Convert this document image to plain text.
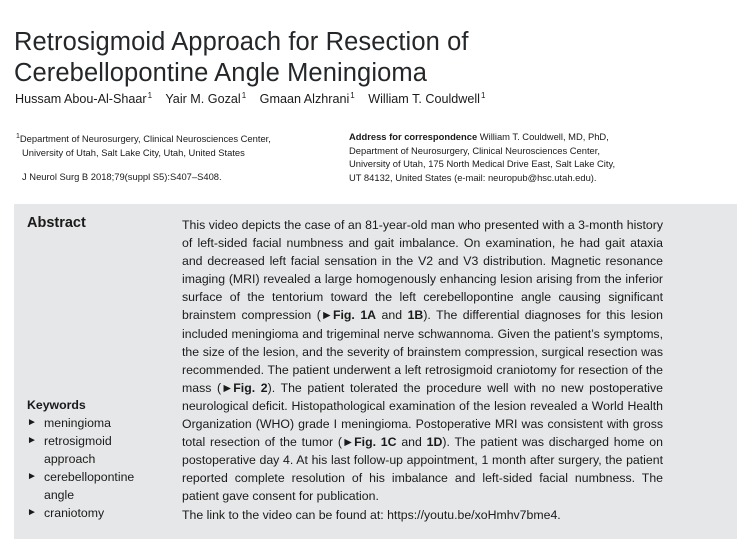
Retrosigmoid Approach for Resection of
Cerebellopontine Angle Meningioma
Hussam Abou-Al-Shaar$^1$ Yair M. Gozal$^1$ Gmaan Alzhrani$^1$ William T. Couldwell$^1$
$^1$Department of Neurosurgery, Clinical Neurosciences Center,
University of Utah, Salt Lake City, Utah, United States
J Neurol Surg B 2018;79(suppl S5):S407–S408.
Address for correspondence William T. Couldwell, MD, PhD,
Department of Neurosurgery, Clinical Neurosciences Center,
University of Utah, 175 North Medical Drive East, Salt Lake City,
UT 84132, United States (e-mail: neuropub@hsc.utah.edu).
Abstract
Keywords
► meningioma
► retrosigmoid approach
► cerebellopontine angle
► craniotomy
This video depicts the case of an 81-year-old man who presented with a 3-month history of left-sided facial numbness and gait imbalance. On examination, he had gait ataxia and decreased left facial sensation in the V2 and V3 distribution. Magnetic resonance imaging (MRI) revealed a large homogenously enhancing lesion arising from the inferior surface of the tentorium toward the left cerebellopontine angle causing significant brainstem compression (►Fig. 1A and 1B). The differential diagnoses for this lesion included meningioma and trigeminal nerve schwannoma. Given the patient’s symptoms, the size of the lesion, and the severity of brainstem compression, surgical resection was recommended. The patient underwent a left retrosigmoid craniotomy for resection of the mass (►Fig. 2). The patient tolerated the procedure well with no new postoperative neurological deficit. Histopathological examination of the lesion revealed a World Health Organization (WHO) grade I meningioma. Postoperative MRI was consistent with gross total resection of the tumor (►Fig. 1C and 1D). The patient was discharged home on postoperative day 4. At his last follow-up appointment, 1 month after surgery, the patient reported complete resolution of his imbalance and left-sided facial numbness. The patient gave consent for publication.
The link to the video can be found at: https://youtu.be/xoHmhv7bme4.
